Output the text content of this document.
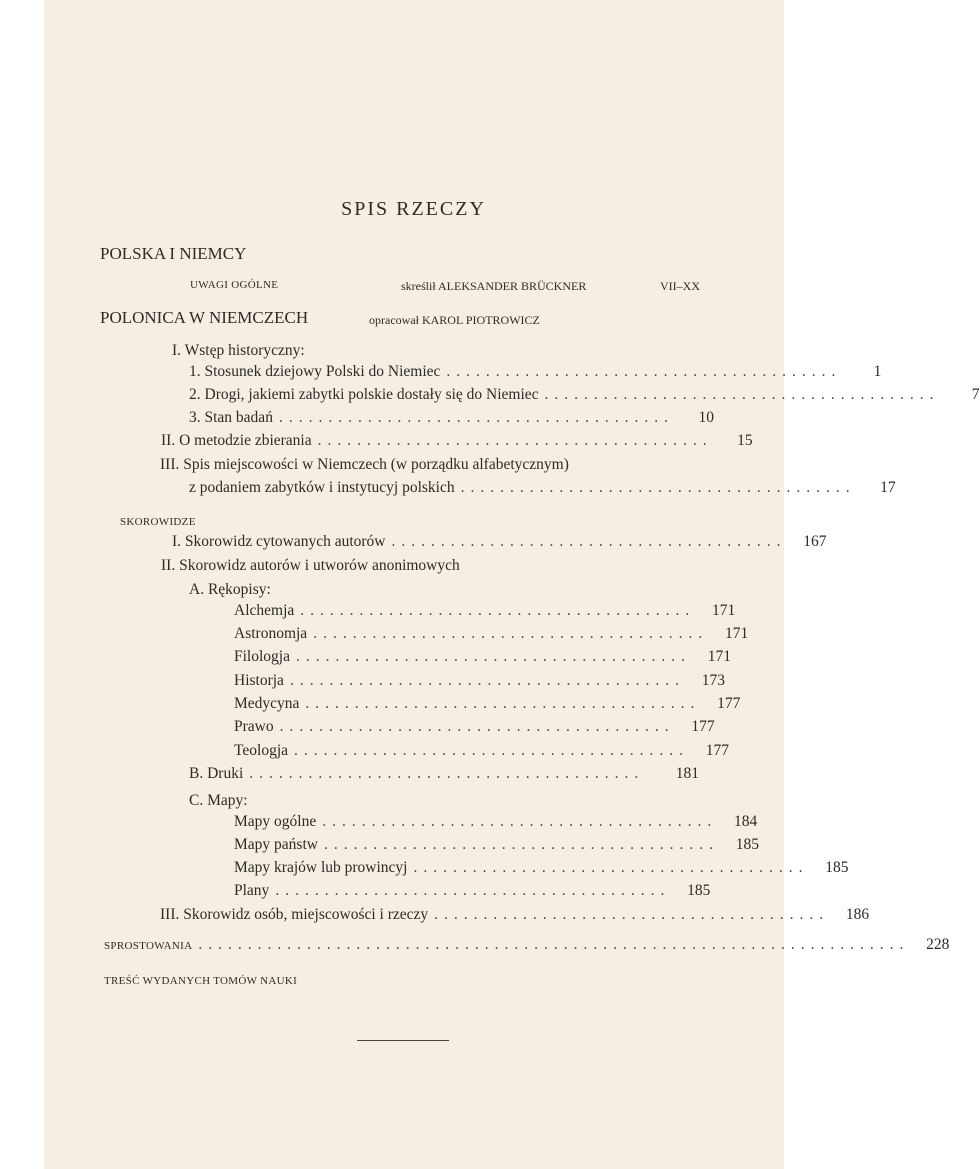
SPIS RZECZY
POLSKA I NIEMCY
UWAGI OGÓLNE	skreślił ALEKSANDER BRÜCKNER	VII–XX
POLONICA W NIEMCZECH	opracował KAROL PIOTROWICZ
I. Wstęp historyczny:
1. Stosunek dziejowy Polski do Niemiec ........................................	1
2. Drogi, jakiemi zabytki polskie dostały się do Niemiec ........................................	7
3. Stan badań ........................................	10
II. O metodzie zbierania ........................................	15
III. Spis miejscowości w Niemczech (w porządku alfabetycznym)
z podaniem zabytków i instytucyj polskich ........................................	17
SKOROWIDZE
I. Skorowidz cytowanych autorów ........................................	167
II. Skorowidz autorów i utworów anonimowych
A. Rękopisy:
Alchemja ........................................	171
Astronomja ........................................	171
Filologja ........................................	171
Historja ........................................	173
Medycyna ........................................	177
Prawo ........................................	177
Teologja ........................................	177
B. Druki ........................................	181
C. Mapy:
Mapy ogólne ........................................	184
Mapy państw ........................................	185
Mapy krajów lub prowincyj ........................................	185
Plany ........................................	185
III. Skorowidz osób, miejscowości i rzeczy ........................................	186
SPROSTOWANIA ........................................................................	228
TREŚĆ WYDANYCH TOMÓW NAUKI
